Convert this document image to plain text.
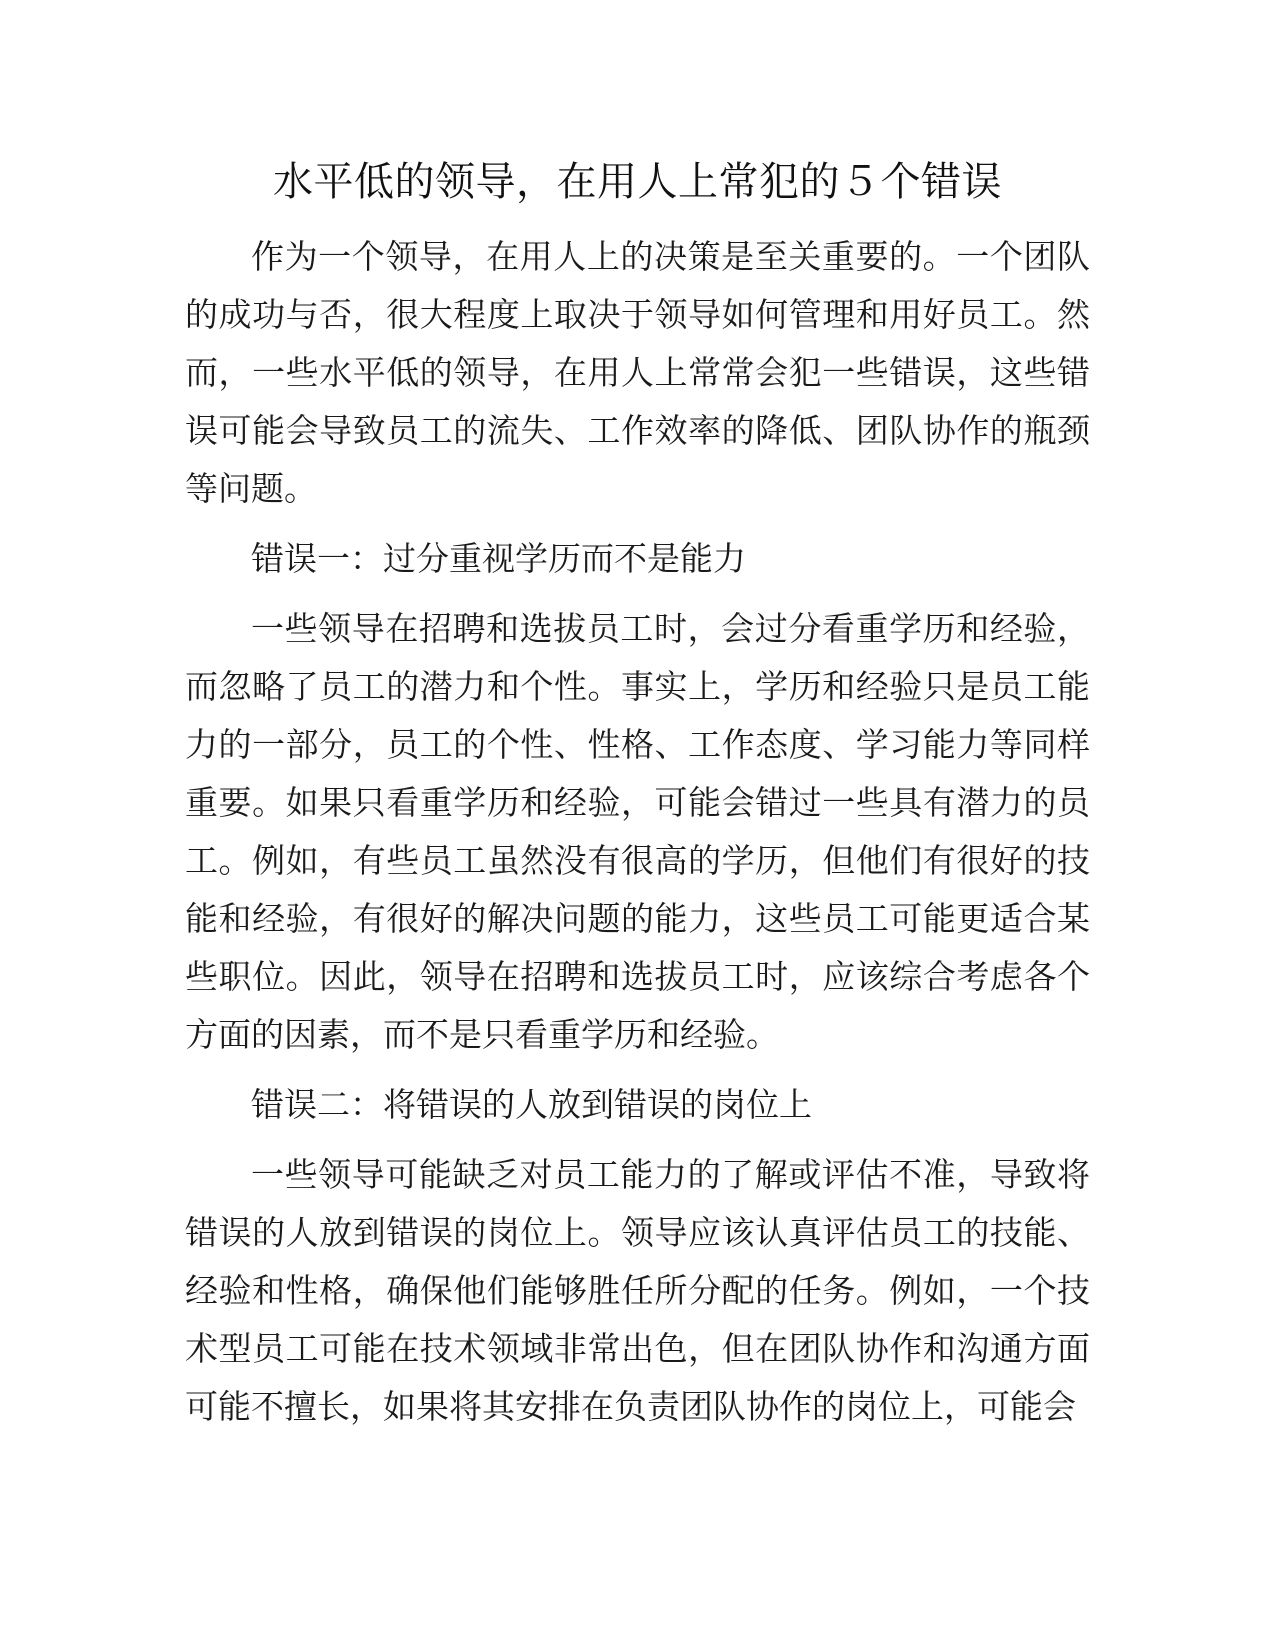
水平低的领导，在用人上常犯的５个错误

作为一个领导，在用人上的决策是至关重要的。一个团队的成功与否，很大程度上取决于领导如何管理和用好员工。然而，一些水平低的领导，在用人上常常会犯一些错误，这些错误可能会导致员工的流失、工作效率的降低、团队协作的瓶颈等问题。

错误一：过分重视学历而不是能力

一些领导在招聘和选拔员工时，会过分看重学历和经验，而忽略了员工的潜力和个性。事实上，学历和经验只是员工能力的一部分，员工的个性、性格、工作态度、学习能力等同样重要。如果只看重学历和经验，可能会错过一些具有潜力的员工。例如，有些员工虽然没有很高的学历，但他们有很好的技能和经验，有很好的解决问题的能力，这些员工可能更适合某些职位。因此，领导在招聘和选拔员工时，应该综合考虑各个方面的因素，而不是只看重学历和经验。

错误二：将错误的人放到错误的岗位上

一些领导可能缺乏对员工能力的了解或评估不准，导致将错误的人放到错误的岗位上。领导应该认真评估员工的技能、经验和性格，确保他们能够胜任所分配的任务。例如，一个技术型员工可能在技术领域非常出色，但在团队协作和沟通方面可能不擅长，如果将其安排在负责团队协作的岗位上，可能会
